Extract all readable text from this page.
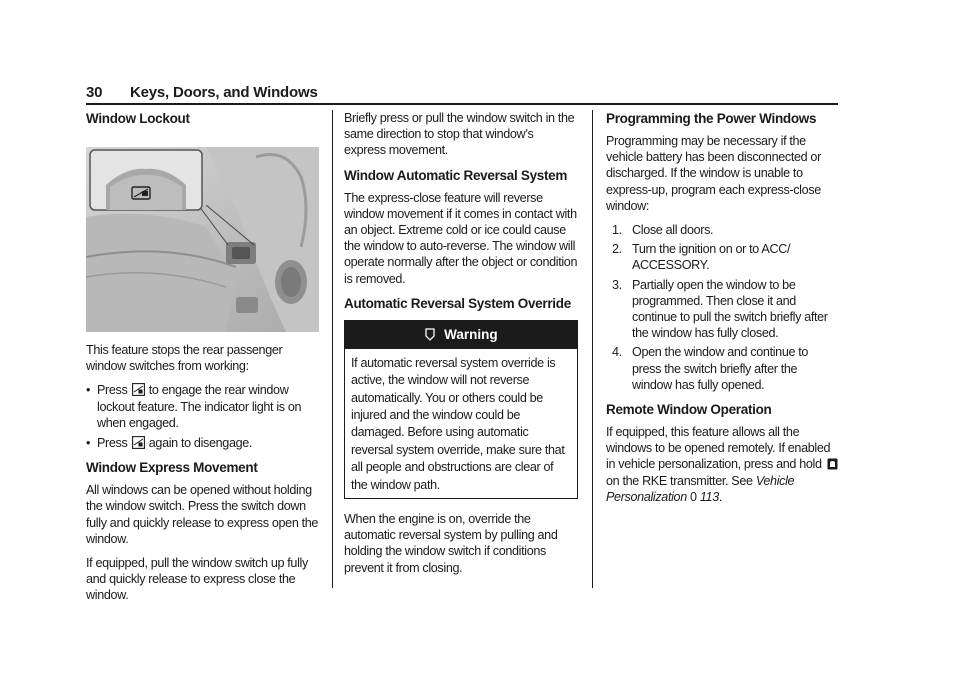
30 Keys, Doors, and Windows
Window Lockout

This feature stops the rear passenger window switches from working:

• Press to engage the rear window lockout feature. The indicator light is on when engaged.
• Press again to disengage.
Window Express Movement

All windows can be opened without holding the window switch. Press the switch down fully and quickly release to express open the window.

If equipped, pull the window switch up fully and quickly release to express close the window.

Briefly press or pull the window switch in the same direction to stop that window’s express movement.

Window Automatic Reversal System

The express-close feature will reverse window movement if it comes in contact with an object. Extreme cold or ice could cause the window to auto-reverse. The window will operate normally after the object or condition is removed.

Automatic Reversal System Override
Warning

If automatic reversal system override is active, the window will not reverse automatically. You or others could be injured and the window could be damaged. Before using automatic reversal system override, make sure that all people and obstructions are clear of the window path.

When the engine is on, override the automatic reversal system by pulling and holding the window switch if conditions prevent it from closing.

Programming the Power Windows

Programming may be necessary if the vehicle battery has been disconnected or discharged. If the window is unable to express-up, program each express-close window:

1. Close all doors.
2. Turn the ignition on or to ACC/ ACCESSORY.
3. Partially open the window to be programmed. Then close it and continue to pull the switch briefly after the window has fully closed.
4. Open the window and continue to press the switch briefly after the window has fully opened.
Remote Window Operation

If equipped, this feature allows all the windows to be opened remotely. If enabled in vehicle personalization, press and hold  on the RKE transmitter. See Vehicle Personalization 0 113.
